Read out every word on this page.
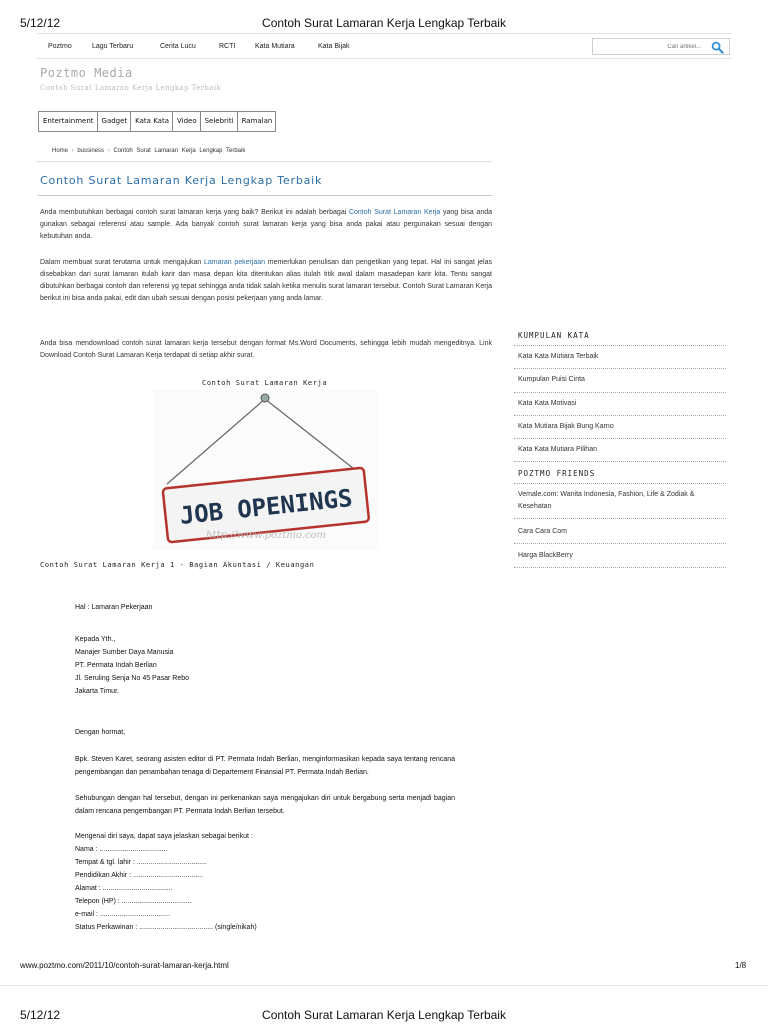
5/12/12	Contoh Surat Lamaran Kerja Lengkap Terbaik
Poztmo	Lagu Terbaru	Cerita Lucu	RCTI	Kata Mutiara	Kata Bijak
Cari artikel...
Poztmo Media
Contoh Surat Lamaran Kerja Lengkap Terbaik
Entertainment	Gadget	Kata Kata	Video	Selebriti	Ramalan
Home › bussiness › Contoh Surat Lamaran Kerja Lengkap Terbaik
Contoh Surat Lamaran Kerja Lengkap Terbaik
Anda membutuhkan berbagai contoh surat lamaran kerja yang baik? Berikut ini adalah berbagai Contoh Surat Lamaran Kerja yang bisa anda gunakan sebagai referensi atau sample. Ada banyak contoh surat lamaran kerja yang bisa anda pakai atau pergunakan sesuai dengan kebutuhan anda.
Dalam membuat surat terutama untuk mengajukan Lamaran pekerjaan memerlukan penulisan dan pengetikan yang tepat. Hal ini sangat jelas disebabkan dari surat lamaran itulah karir dan masa depan kita ditentukan alias itulah titik awal dalam masadepan karir kita. Tentu sangat dibutuhkan berbagai contoh dan referensi yg tepat sehingga anda tidak salah ketika menulis surat lamaran tersebut. Contoh Surat Lamaran Kerja berikut ini bisa anda pakai, edit dan ubah sesuai dengan posisi pekerjaan yang anda lamar.
Anda bisa mendownload contoh surat lamaran kerja tersebut dengan format Ms.Word Documents, sehingga lebih mudah mengeditnya. Link Download Contoh Surat Lamaran Kerja terdapat di setiap akhir surat.
Contoh Surat Lamaran Kerja
JOB OPENINGS
http://www.poztmo.com
Contoh Surat Lamaran Kerja 1 - Bagian Akuntasi / Keuangan
Hal : Lamaran Pekerjaan
Kepada Yth.,
Manajer Sumber Daya Manusia
PT. Permata Indah Berlian
Jl. Seruling Senja No 45 Pasar Rebo
Jakarta Timur.
Dengan hormat,
Bpk. Steven Karet, seorang asisten editor di PT. Permata Indah Berlian, menginformasikan kepada saya tentang rencana pengembangan dan penambahan tenaga di Departement Finansial PT. Permata Indah Berlian.
Sehubungan dengan hal tersebut, dengan ini perkenankan saya mengajukan diri untuk bergabung serta menjadi bagian dalam rencana pengembangan PT. Permata Indah Berlian tersebut.
Mengenai diri saya, dapat saya jelaskan sebagai berikut :
Nama : ...................................
Tempat & tgl. lahir : ....................................
Pendidikan Akhir : ....................................
Alamat : ....................................
Telepon (HP) : ....................................
e-mail : ....................................
Status Perkawinan : ...................................... (single/nikah)
KUMPULAN KATA
Kata Kata Mutiara Terbaik
Kumpulan Puisi Cinta
Kata Kata Motivasi
Kata Mutiara Bijak Bung Karno
Kata Kata Mutiara Pilihan
POZTMO FRIENDS
Vemale.com: Wanita Indonesia, Fashion, Life & Zodiak & Kesehatan
Cara Cara Com
Harga BlackBerry
www.poztmo.com/2011/10/contoh-surat-lamaran-kerja.html	1/8
5/12/12	Contoh Surat Lamaran Kerja Lengkap Terbaik
